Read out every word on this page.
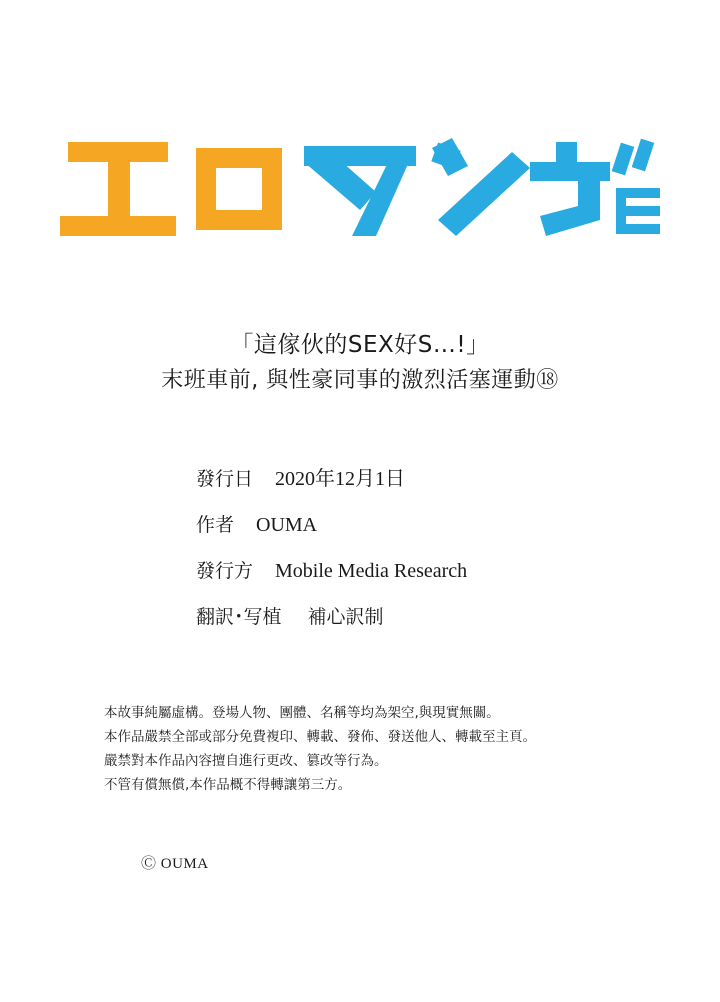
「這傢伙的SEX好S…!」
末班車前, 與性豪同事的激烈活塞運動⑱
發行日 2020年12月1日
作者 OUMA
發行方 Mobile Media Research
翻訳･写植 補心訳制

本故事純屬虛構。登場人物、團體、名稱等均為架空,與現實無關。

本作品嚴禁全部或部分免費複印、轉載、發佈、發送他人、轉載至主頁。

嚴禁對本作品內容擅自進行更改、篡改等行為。

不管有償無償,本作品概不得轉讓第三方。

Ⓒ OUMA
